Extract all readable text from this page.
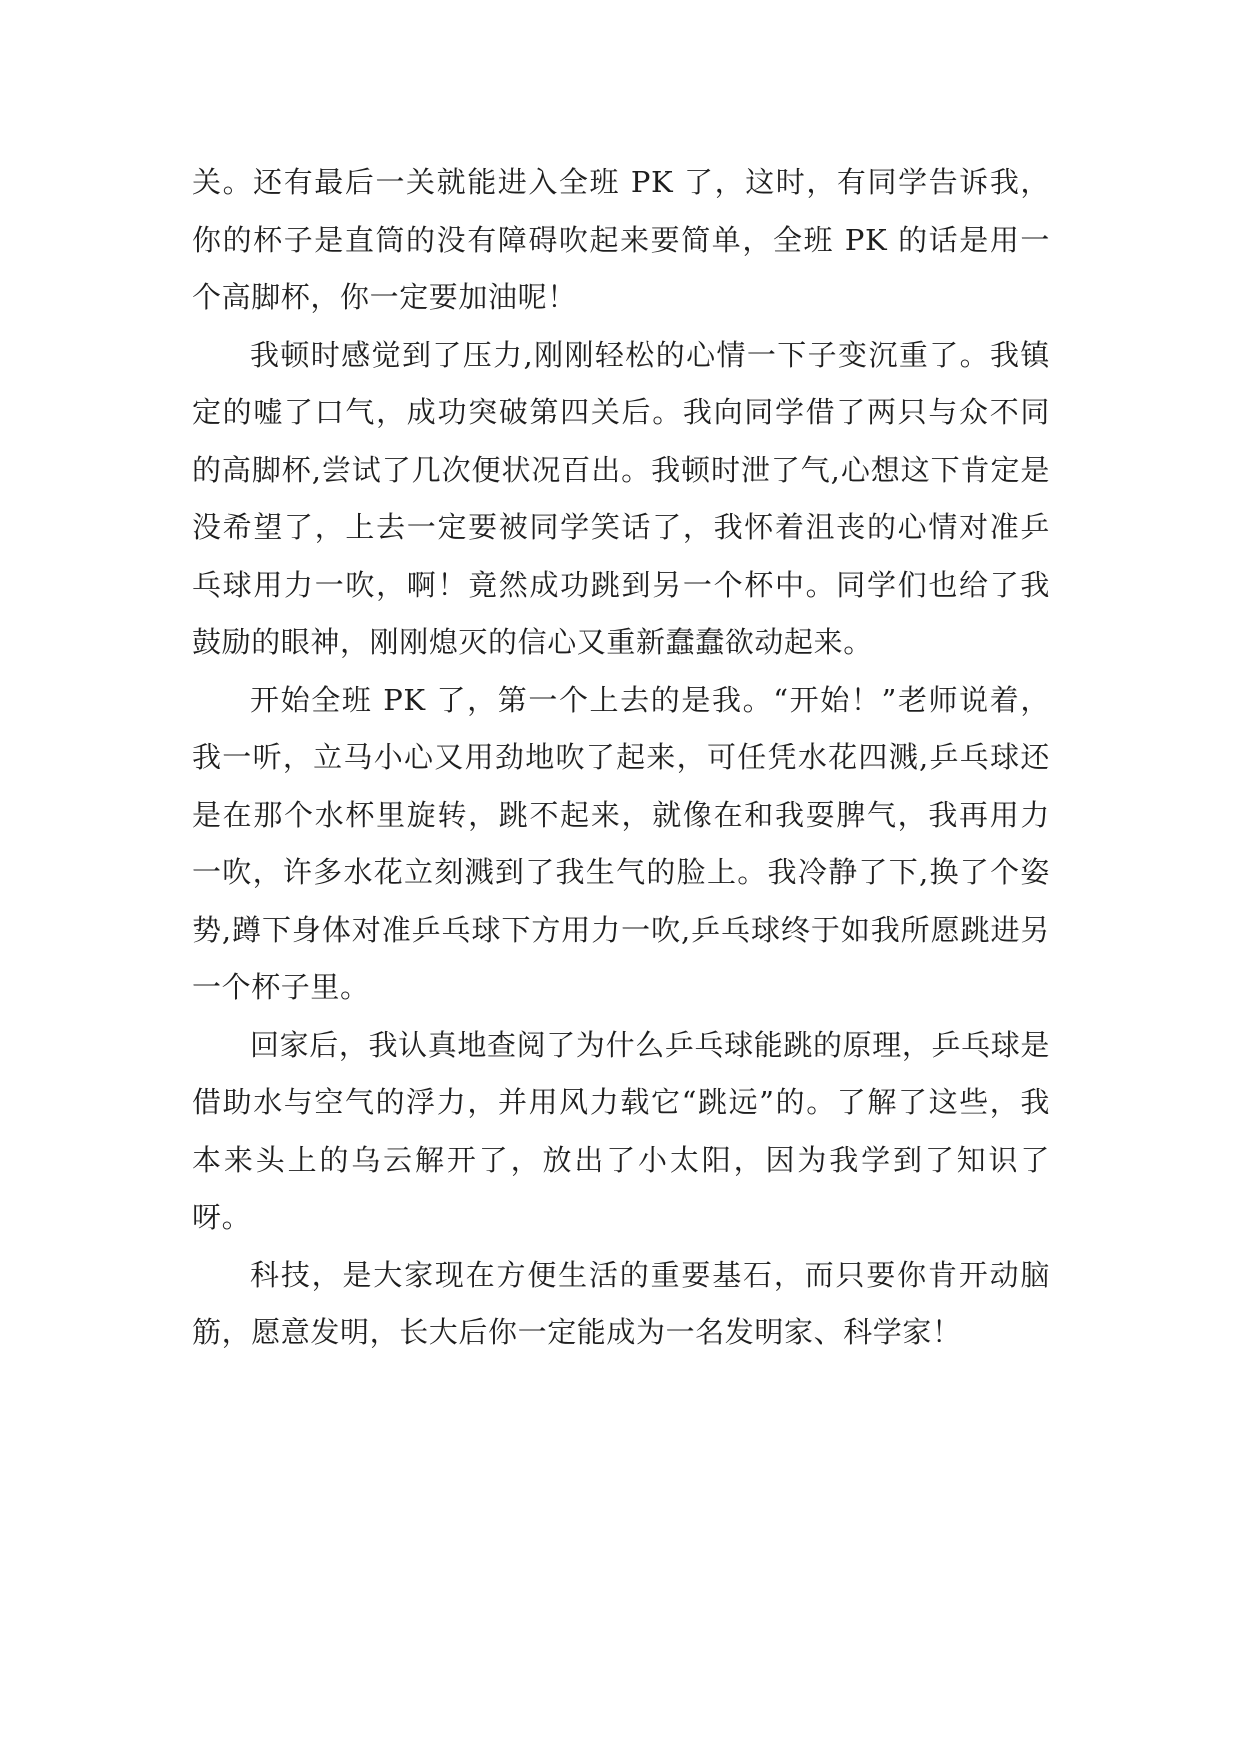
关。还有最后一关就能进入全班 PK 了，这时，有同学告诉我，你的杯子是直筒的没有障碍吹起来要简单，全班 PK 的话是用一个高脚杯，你一定要加油呢！

我顿时感觉到了压力,刚刚轻松的心情一下子变沉重了。我镇定的嘘了口气，成功突破第四关后。我向同学借了两只与众不同的高脚杯,尝试了几次便状况百出。我顿时泄了气,心想这下肯定是没希望了，上去一定要被同学笑话了，我怀着沮丧的心情对准乒乓球用力一吹，啊！竟然成功跳到另一个杯中。同学们也给了我鼓励的眼神，刚刚熄灭的信心又重新蠢蠢欲动起来。

开始全班 PK 了，第一个上去的是我。“开始！”老师说着，我一听，立马小心又用劲地吹了起来，可任凭水花四溅,乒乓球还是在那个水杯里旋转，跳不起来，就像在和我耍脾气，我再用力一吹，许多水花立刻溅到了我生气的脸上。我冷静了下,换了个姿势,蹲下身体对准乒乓球下方用力一吹,乒乓球终于如我所愿跳进另一个杯子里。

回家后，我认真地查阅了为什么乒乓球能跳的原理，乒乓球是借助水与空气的浮力，并用风力载它“跳远”的。了解了这些，我本来头上的乌云解开了，放出了小太阳，因为我学到了知识了呀。

科技，是大家现在方便生活的重要基石，而只要你肯开动脑筋，愿意发明，长大后你一定能成为一名发明家、科学家！
